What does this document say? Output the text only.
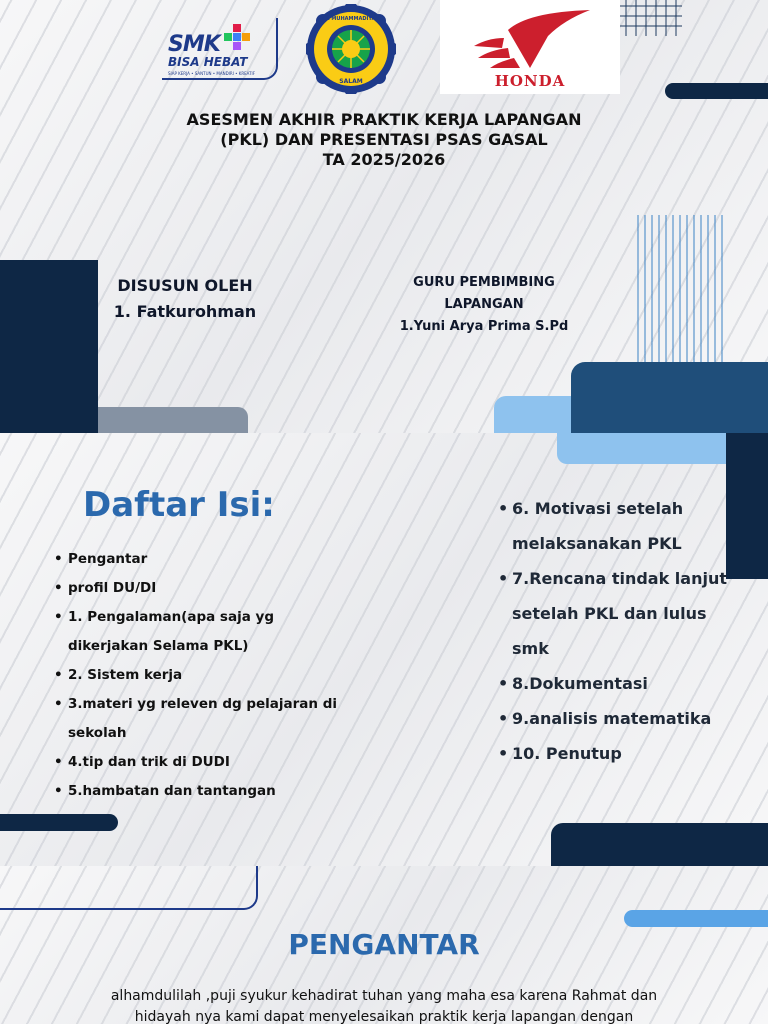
SMK
BISA HEBAT
SIAP KERJA • SANTUN • MANDIRI • KREATIF
SMK MUHAMMADIYAH 1
SALAM	HONDA
ASESMEN AKHIR PRAKTIK KERJA LAPANGAN
(PKL) DAN PRESENTASI PSAS GASAL
TA 2025/2026
DISUSUN OLEH
1. Fatkurohman
GURU PEMBIMBING
LAPANGAN
1.Yuni Arya Prima S.Pd
Daftar Isi:
• Pengantar
• profil DU/DI
• 1. Pengalaman(apa saja yg dikerjakan Selama PKL)
• 2. Sistem kerja
• 3.materi yg releven dg pelajaran di sekolah
• 4.tip dan trik di DUDI
• 5.hambatan dan tantangan
• 6. Motivasi setelah melaksanakan PKL
• 7.Rencana tindak lanjut setelah PKL dan lulus smk
• 8.Dokumentasi
• 9.analisis matematika
• 10. Penutup
PENGANTAR
alhamdulilah ,puji syukur kehadirat tuhan yang maha esa karena Rahmat dan hidayah nya kami dapat menyelesaikan praktik kerja lapangan dengan
